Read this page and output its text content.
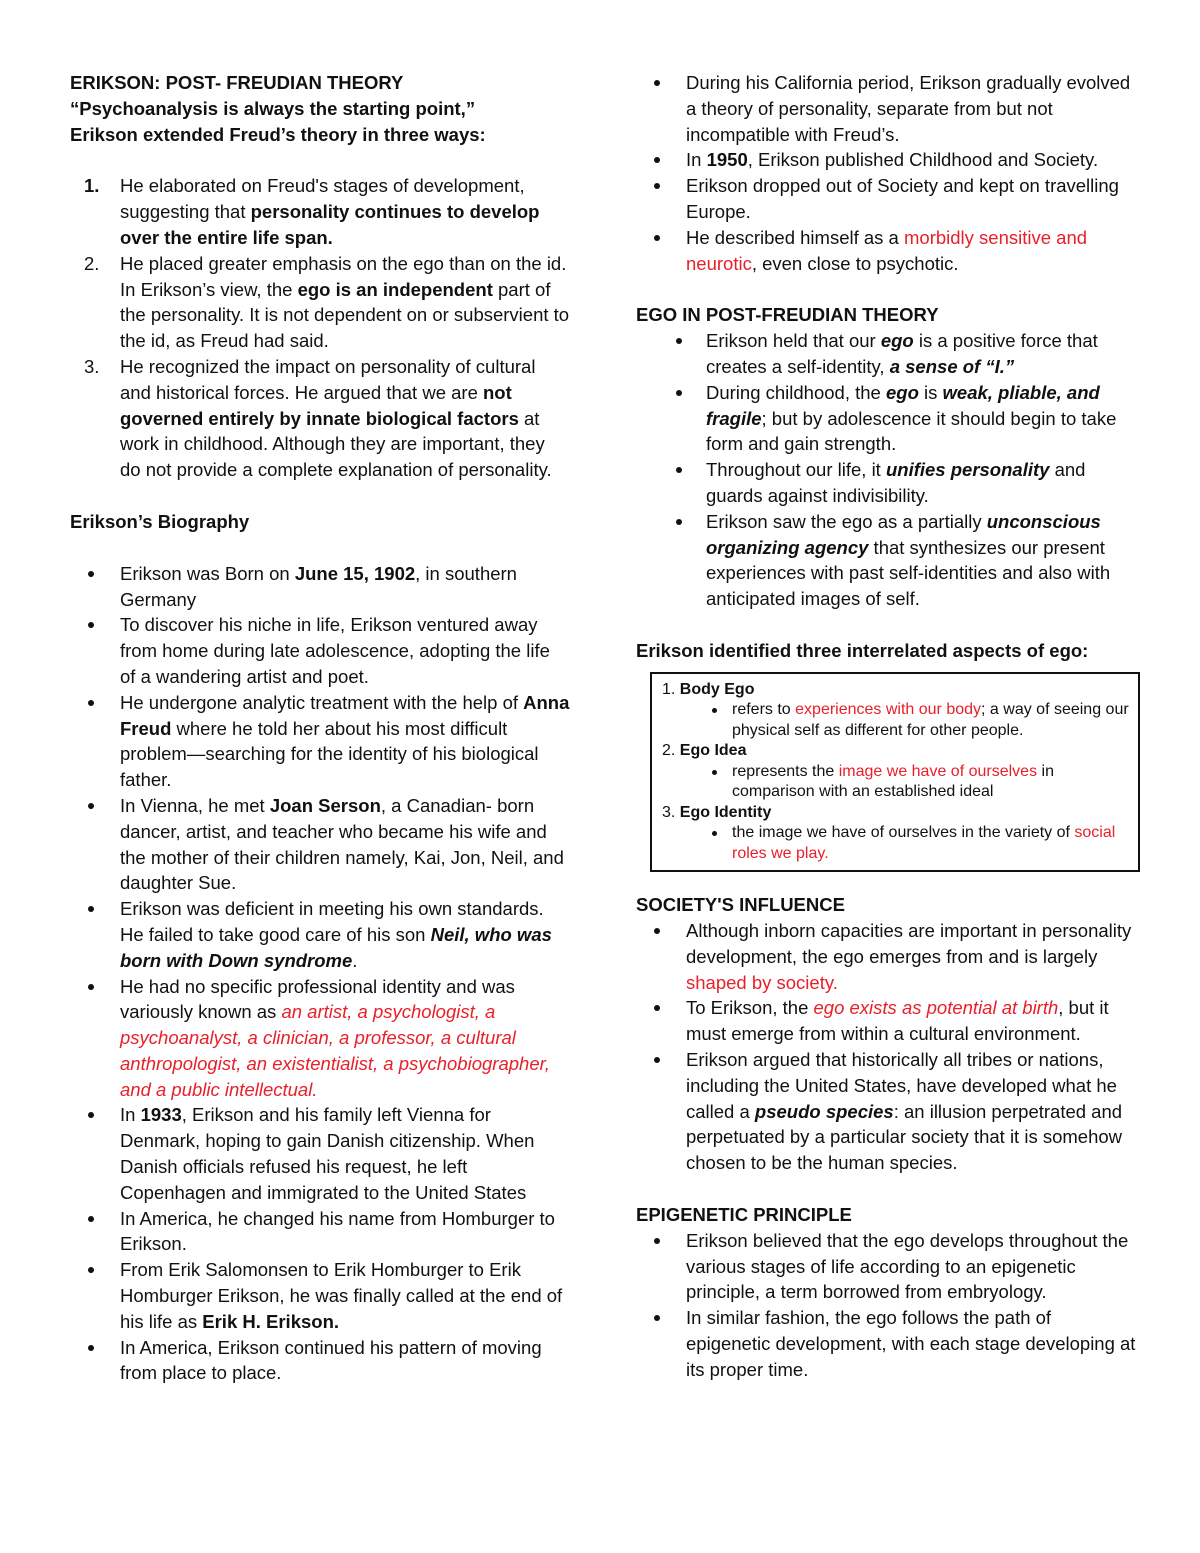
ERIKSON: POST- FREUDIAN THEORY

“Psychoanalysis is always the starting point,”

Erikson extended Freud’s theory in three ways:

1. He elaborated on Freud's stages of development, suggesting that personality continues to develop over the entire life span.
2. He placed greater emphasis on the ego than on the id. In Erikson’s view, the ego is an independent part of the personality. It is not dependent on or subservient to the id, as Freud had said.
3. He recognized the impact on personality of cultural and historical forces. He argued that we are not governed entirely by innate biological factors at work in childhood. Although they are important, they do not provide a complete explanation of personality.

Erikson’s Biography

Erikson was Born on June 15, 1902, in southern Germany
To discover his niche in life, Erikson ventured away from home during late adolescence, adopting the life of a wandering artist and poet.
He undergone analytic treatment with the help of Anna Freud where he told her about his most difficult problem—searching for the identity of his biological father.
In Vienna, he met Joan Serson, a Canadian- born dancer, artist, and teacher who became his wife and the mother of their children namely, Kai, Jon, Neil, and daughter Sue.
Erikson was deficient in meeting his own standards. He failed to take good care of his son Neil, who was born with Down syndrome.
He had no specific professional identity and was variously known as an artist, a psychologist, a psychoanalyst, a clinician, a professor, a cultural anthropologist, an existentialist, a psychobiographer, and a public intellectual.
In 1933, Erikson and his family left Vienna for Denmark, hoping to gain Danish citizenship. When Danish officials refused his request, he left Copenhagen and immigrated to the United States
In America, he changed his name from Homburger to Erikson.
From Erik Salomonsen to Erik Homburger to Erik Homburger Erikson, he was finally called at the end of his life as Erik H. Erikson.
In America, Erikson continued his pattern of moving from place to place.
During his California period, Erikson gradually evolved a theory of personality, separate from but not incompatible with Freud’s.
In 1950, Erikson published Childhood and Society.
Erikson dropped out of Society and kept on travelling Europe.
He described himself as a morbidly sensitive and neurotic, even close to psychotic.

EGO IN POST-FREUDIAN THEORY

Erikson held that our ego is a positive force that creates a self-identity, a sense of “I.”
During childhood, the ego is weak, pliable, and fragile; but by adolescence it should begin to take form and gain strength.
Throughout our life, it unifies personality and guards against indivisibility.
Erikson saw the ego as a partially unconscious organizing agency that synthesizes our present experiences with past self-identities and also with anticipated images of self.

Erikson identified three interrelated aspects of ego:

1. Body Ego
refers to experiences with our body; a way of seeing our physical self as different for other people.
2. Ego Idea
represents the image we have of ourselves in comparison with an established ideal
3. Ego Identity
the image we have of ourselves in the variety of social roles we play.

SOCIETY'S INFLUENCE

Although inborn capacities are important in personality development, the ego emerges from and is largely shaped by society.
To Erikson, the ego exists as potential at birth, but it must emerge from within a cultural environment.
Erikson argued that historically all tribes or nations, including the United States, have developed what he called a pseudo species: an illusion perpetrated and perpetuated by a particular society that it is somehow chosen to be the human species.

EPIGENETIC PRINCIPLE

Erikson believed that the ego develops throughout the various stages of life according to an epigenetic principle, a term borrowed from embryology.
In similar fashion, the ego follows the path of epigenetic development, with each stage developing at its proper time.
